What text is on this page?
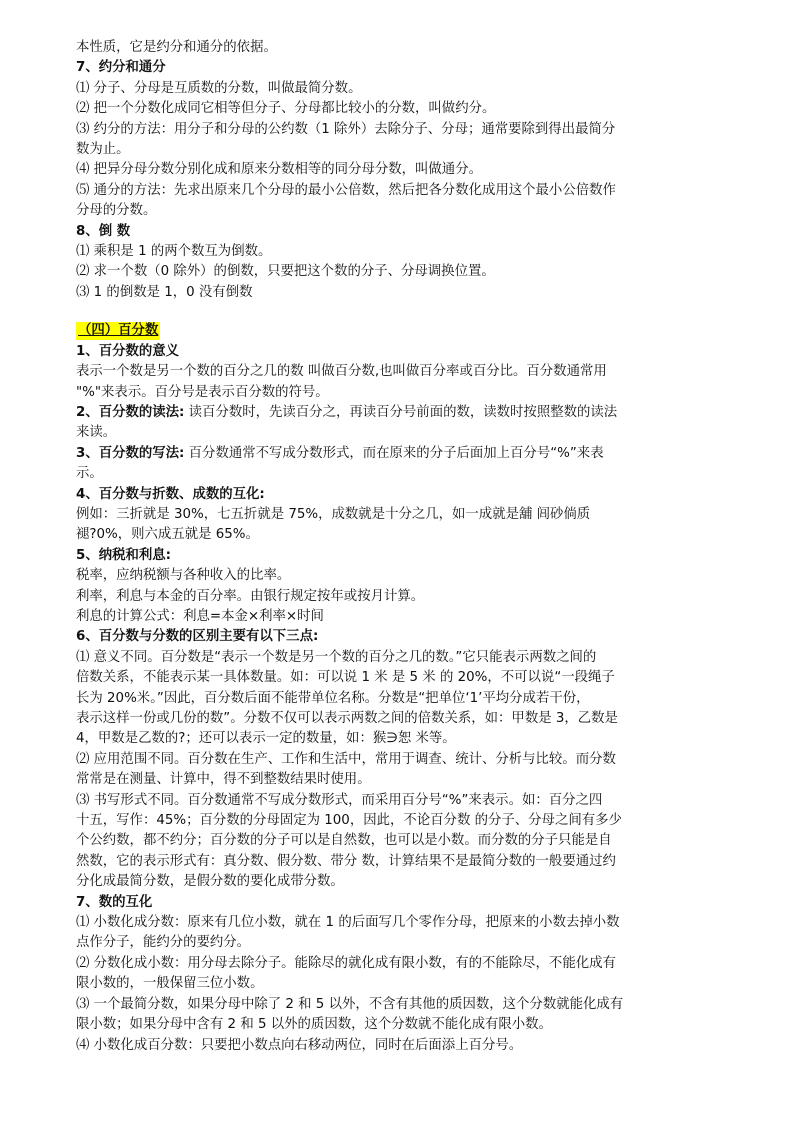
本性质，它是约分和通分的依据。
7、约分和通分
⑴ 分子、分母是互质数的分数，叫做最简分数。
⑵ 把一个分数化成同它相等但分子、分母都比较小的分数，叫做约分。
⑶ 约分的方法：用分子和分母的公约数（1 除外）去除分子、分母；通常要除到得出最简分
数为止。
⑷ 把异分母分数分别化成和原来分数相等的同分母分数，叫做通分。
⑸ 通分的方法：先求出原来几个分母的最小公倍数，然后把各分数化成用这个最小公倍数作
分母的分数。
8、倒 数
⑴ 乘积是 1 的两个数互为倒数。
⑵ 求一个数（0 除外）的倒数，只要把这个数的分子、分母调换位置。
⑶ 1 的倒数是 1，0 没有倒数
（四）百分数
1、百分数的意义
表示一个数是另一个数的百分之几的数 叫做百分数,也叫做百分率或百分比。百分数通常用
"%"来表示。百分号是表示百分数的符号。
2、百分数的读法: 读百分数时，先读百分之，再读百分号前面的数，读数时按照整数的读法
来读。
3、百分数的写法: 百分数通常不写成分数形式，而在原来的分子后面加上百分号“%”来表
示。
4、百分数与折数、成数的互化:
例如：三折就是 30%，七五折就是 75%，成数就是十分之几，如一成就是舖 闾砂倘质
褪?0%，则六成五就是 65%。
5、纳税和利息:
税率，应纳税额与各种收入的比率。
利率，利息与本金的百分率。由银行规定按年或按月计算。
利息的计算公式：利息=本金×利率×时间
6、百分数与分数的区别主要有以下三点:
⑴ 意义不同。百分数是“表示一个数是另一个数的百分之几的数。”它只能表示两数之间的
倍数关系，不能表示某一具体数量。如：可以说 1 米 是 5 米 的 20%，不可以说“一段绳子
长为 20%米。”因此，百分数后面不能带单位名称。分数是“把单位‘1’平均分成若干份，
表示这样一份或几份的数”。分数不仅可以表示两数之间的倍数关系，如：甲数是 3，乙数是
4，甲数是乙数的?；还可以表示一定的数量，如：猴∋恕 米等。
⑵ 应用范围不同。百分数在生产、工作和生活中，常用于调查、统计、分析与比较。而分数
常常是在测量、计算中，得不到整数结果时使用。
⑶ 书写形式不同。百分数通常不写成分数形式，而采用百分号“%”来表示。如：百分之四
十五，写作：45%；百分数的分母固定为 100，因此，不论百分数 的分子、分母之间有多少
个公约数，都不约分；百分数的分子可以是自然数，也可以是小数。而分数的分子只能是自
然数，它的表示形式有：真分数、假分数、带分 数，计算结果不是最简分数的一般要通过约
分化成最简分数，是假分数的要化成带分数。
7、数的互化
⑴ 小数化成分数：原来有几位小数，就在 1 的后面写几个零作分母，把原来的小数去掉小数
点作分子，能约分的要约分。
⑵ 分数化成小数：用分母去除分子。能除尽的就化成有限小数，有的不能除尽，不能化成有
限小数的，一般保留三位小数。
⑶ 一个最简分数，如果分母中除了 2 和 5 以外，不含有其他的质因数，这个分数就能化成有
限小数；如果分母中含有 2 和 5 以外的质因数，这个分数就不能化成有限小数。
⑷ 小数化成百分数：只要把小数点向右移动两位，同时在后面添上百分号。
